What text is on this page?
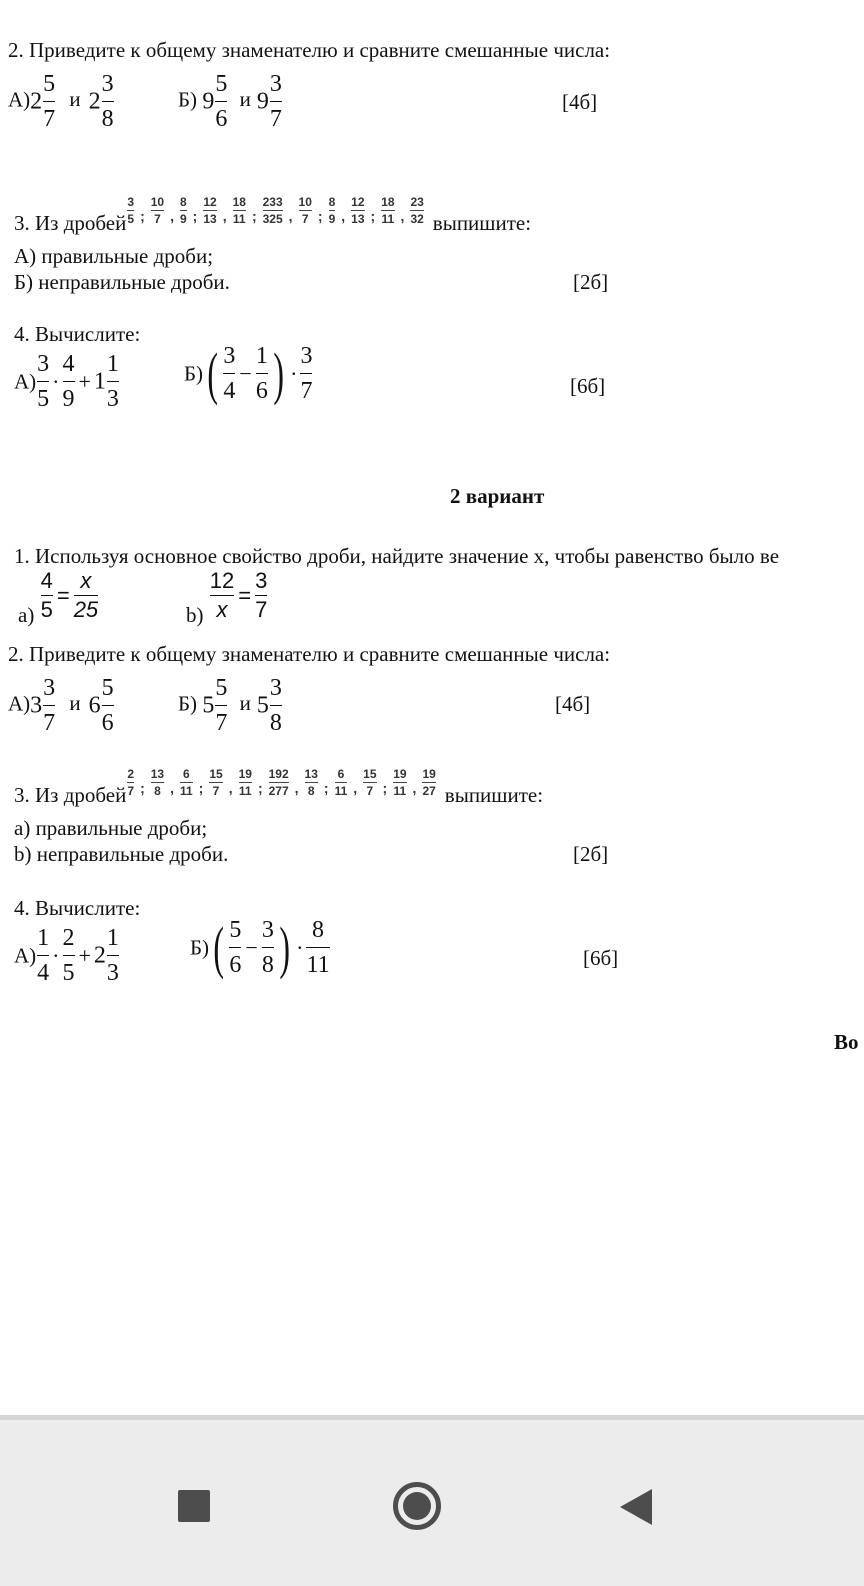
2. Приведите к общему знаменателю и сравните смешанные числа:
$А)2 \frac{5}{7}$ и $2 \frac{3}{8}$	Б) $9 \frac{5}{6}$ и $9 \frac{3}{7}$	[4б]
3. Из дробей $\frac{3}{5} _; \frac{10}{7} _, \frac{8}{9} _; \frac{12}{13} _, \frac{18}{11} _; \frac{233}{325} _, \frac{10}{7} _; \frac{8}{9} _, \frac{12}{13} _; \frac{18}{11} _, \frac{23}{32}$ выпишите:
А) правильные дроби;
Б) неправильные дроби.	[2б]
4. Вычислите:
$А) \frac{3}{5} \cdot \frac{4}{9} + 1 \frac{1}{3}$	$Б)( \frac{3}{4} - \frac{1}{6}$ ) · $\frac{3}{7}$	[6б]
2 вариант
1. Используя основное свойство дроби, найдите значение x, чтобы равенство было ве
$а) \frac{4}{5} = \frac{x}{25}$	$b) \frac{12}{x} = \frac{3}{7}$
2. Приведите к общему знаменателю и сравните смешанные числа:
$А)3 \frac{3}{7}$ и $6 \frac{5}{6}$	Б) $5 \frac{5}{7}$ и $5 \frac{3}{8}$	[4б]
3. Из дробей $\frac{2}{7} _; \frac{13}{8} _, \frac{6}{11} _; \frac{15}{7} _, \frac{19}{11} _; \frac{192}{277} _, \frac{13}{8} _; \frac{6}{11} _, \frac{15}{7} _; \frac{19}{11} _, \frac{19}{27}$ выпишите:
а) правильные дроби;
b) неправильные дроби.	[2б]
4. Вычислите:
$А) \frac{1}{4} \cdot \frac{2}{5} + 2 \frac{1}{3}$	$Б)( \frac{5}{6} - \frac{3}{8}$ ) · $\frac{8}{11}$	[6б]
Во
